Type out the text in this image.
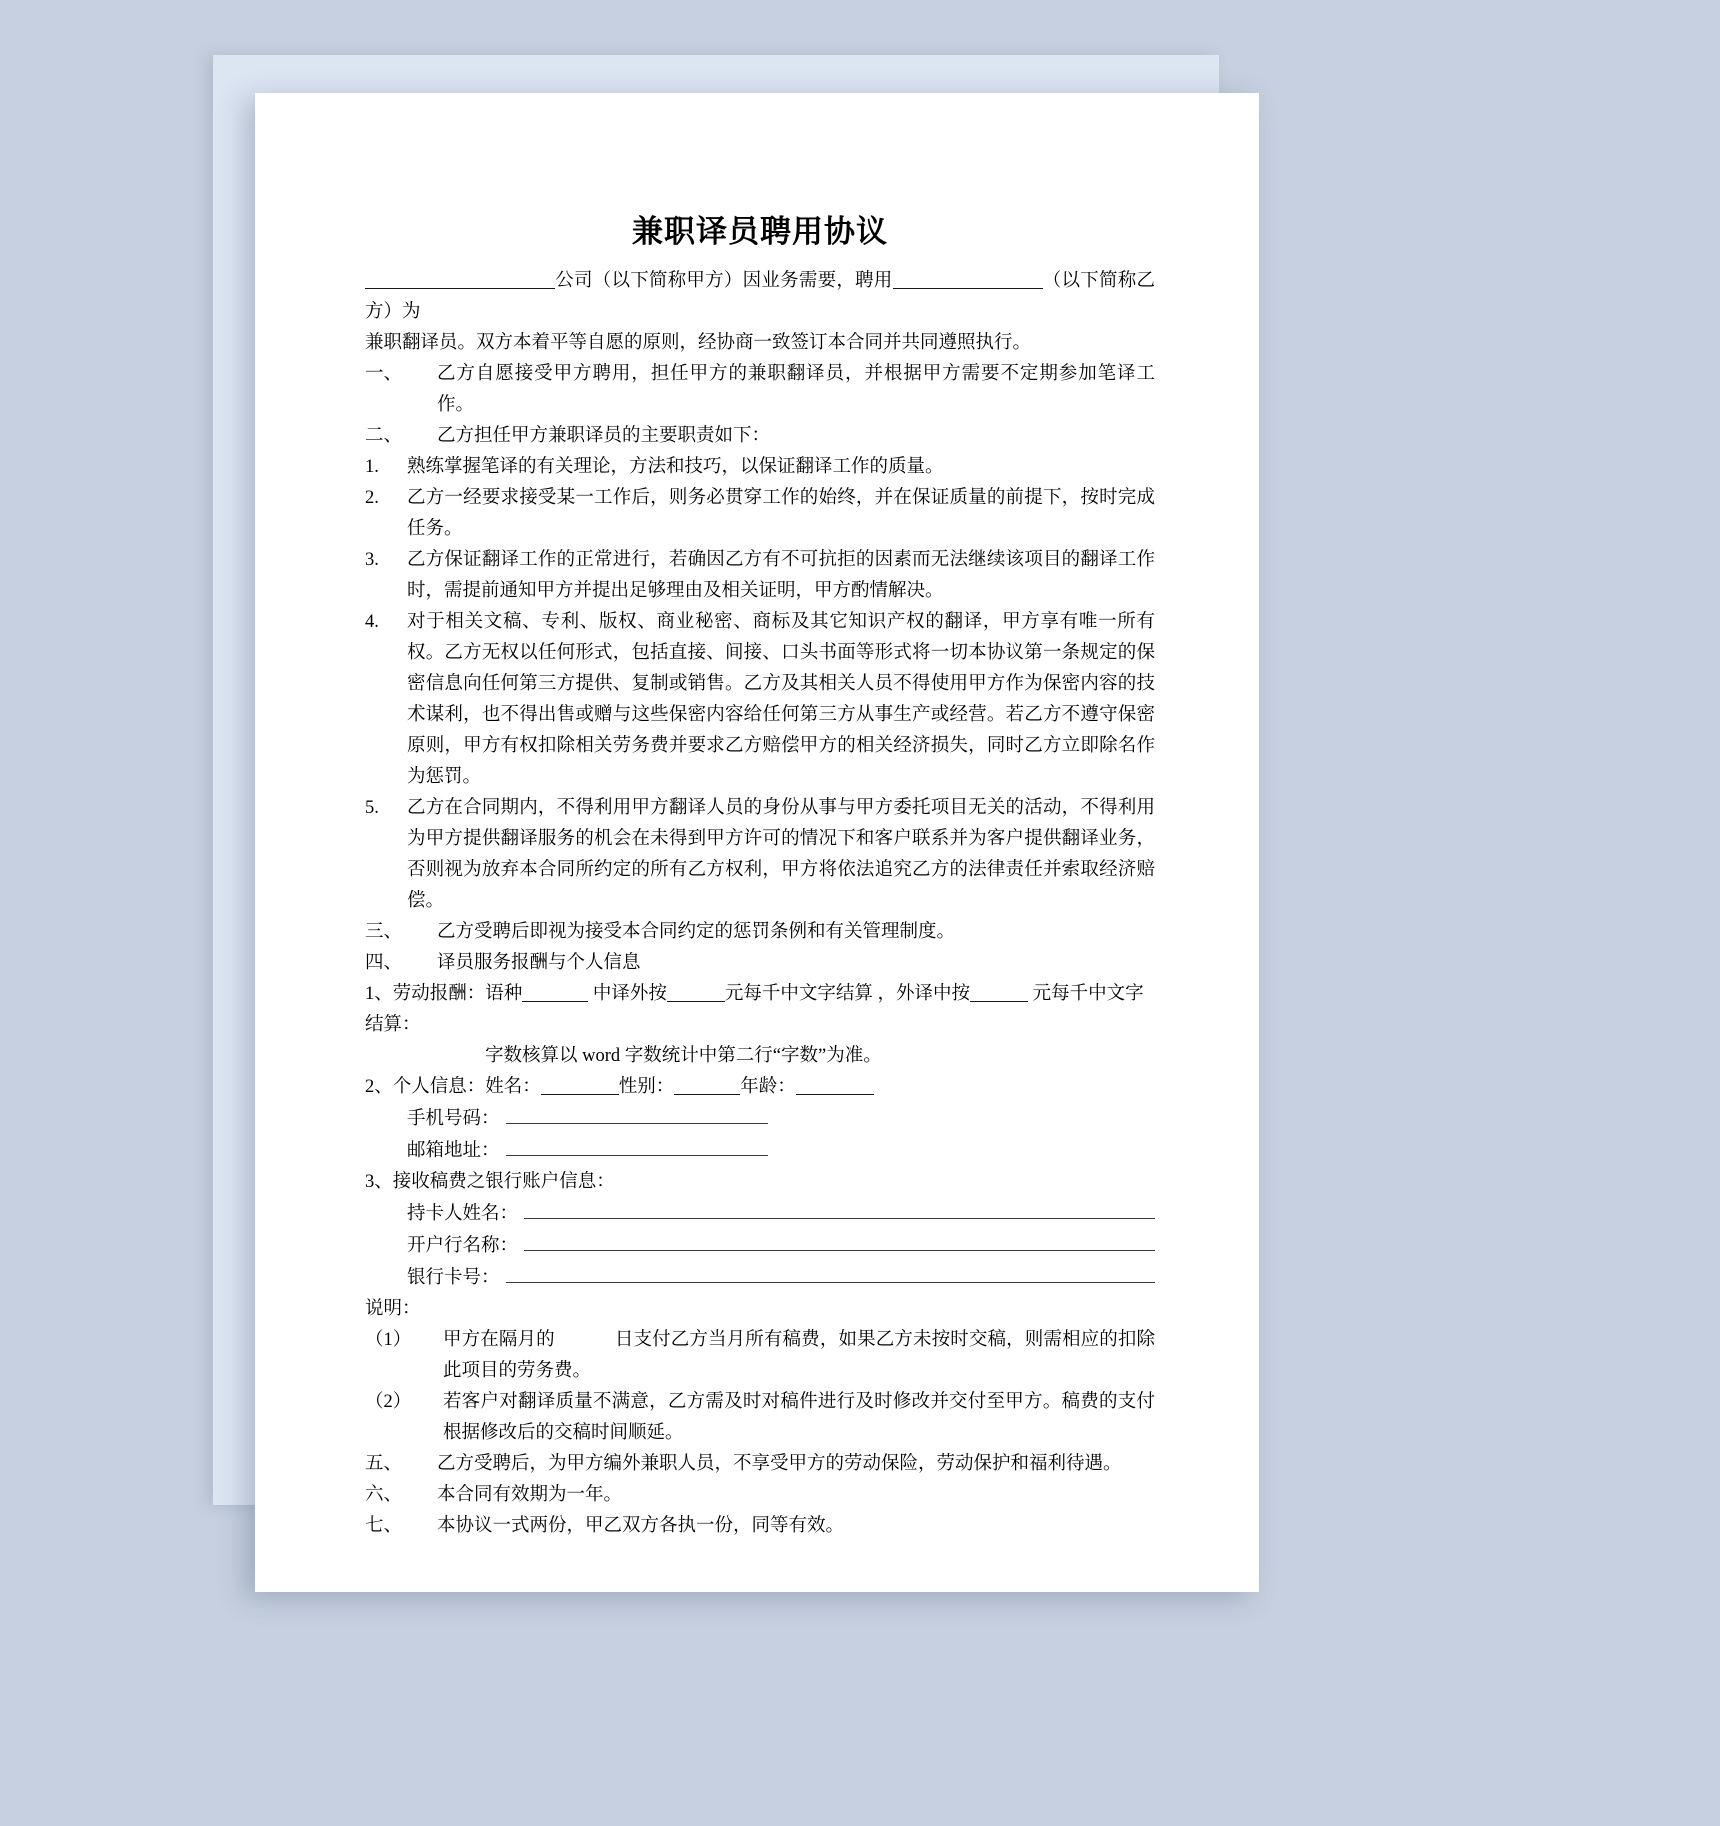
兼职译员聘用协议

公司（以下简称甲方）因业务需要，聘用	（以下简称乙方）为

兼职翻译员。双方本着平等自愿的原则，经协商一致签订本合同并共同遵照执行。

一、	乙方自愿接受甲方聘用，担任甲方的兼职翻译员，并根据甲方需要不定期参加笔译工作。
二、	乙方担任甲方兼职译员的主要职责如下：
1.	熟练掌握笔译的有关理论，方法和技巧，以保证翻译工作的质量。
2.	乙方一经要求接受某一工作后，则务必贯穿工作的始终，并在保证质量的前提下，按时完成任务。
3.	乙方保证翻译工作的正常进行，若确因乙方有不可抗拒的因素而无法继续该项目的翻译工作时，需提前通知甲方并提出足够理由及相关证明，甲方酌情解决。
4.	对于相关文稿、专利、版权、商业秘密、商标及其它知识产权的翻译，甲方享有唯一所有权。乙方无权以任何形式，包括直接、间接、口头书面等形式将一切本协议第一条规定的保密信息向任何第三方提供、复制或销售。乙方及其相关人员不得使用甲方作为保密内容的技术谋利，也不得出售或赠与这些保密内容给任何第三方从事生产或经营。若乙方不遵守保密原则，甲方有权扣除相关劳务费并要求乙方赔偿甲方的相关经济损失，同时乙方立即除名作为惩罚。
5.	乙方在合同期内，不得利用甲方翻译人员的身份从事与甲方委托项目无关的活动，不得利用为甲方提供翻译服务的机会在未得到甲方许可的情况下和客户联系并为客户提供翻译业务，否则视为放弃本合同所约定的所有乙方权利，甲方将依法追究乙方的法律责任并索取经济赔偿。
三、	乙方受聘后即视为接受本合同约定的惩罚条例和有关管理制度。
四、	译员服务报酬与个人信息
1、劳动报酬：语种	中译外按	元每千中文字结算 ，外译中按	元每千中文字结算：
字数核算以 word 字数统计中第二行“字数”为准。
2、个人信息：姓名：	性别：	年龄：
手机号码：
邮箱地址：
3、接收稿费之银行账户信息：
持卡人姓名：
开户行名称：
银行卡号：
说明：
（1）	甲方在隔月的	日支付乙方当月所有稿费，如果乙方未按时交稿，则需相应的扣除此项目的劳务费。
（2）	若客户对翻译质量不满意，乙方需及时对稿件进行及时修改并交付至甲方。稿费的支付根据修改后的交稿时间顺延。
五、	乙方受聘后，为甲方编外兼职人员，不享受甲方的劳动保险，劳动保护和福利待遇。
六、	本合同有效期为一年。
七、	本协议一式两份，甲乙双方各执一份，同等有效。
